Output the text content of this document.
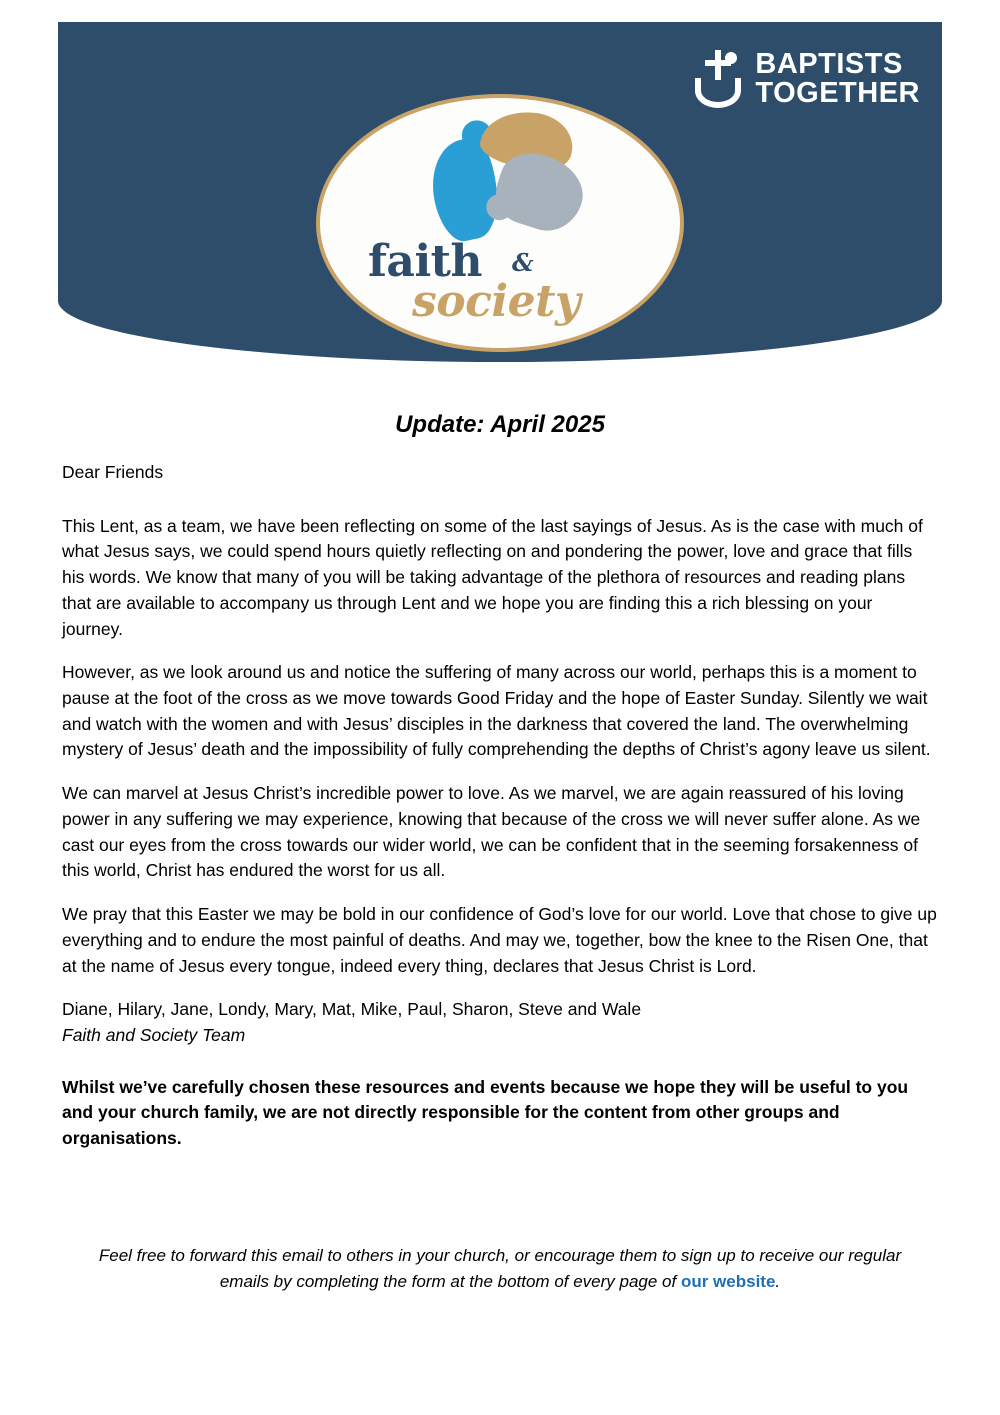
BAPTISTS
TOGETHER
faith &
society
Update: April 2025

Dear Friends

This Lent, as a team, we have been reflecting on some of the last sayings of Jesus. As is the case with much of what Jesus says, we could spend hours quietly reflecting on and pondering the power, love and grace that fills his words. We know that many of you will be taking advantage of the plethora of resources and reading plans that are available to accompany us through Lent and we hope you are finding this a rich blessing on your journey.

However, as we look around us and notice the suffering of many across our world, perhaps this is a moment to pause at the foot of the cross as we move towards Good Friday and the hope of Easter Sunday. Silently we wait and watch with the women and with Jesus’ disciples in the darkness that covered the land. The overwhelming mystery of Jesus’ death and the impossibility of fully comprehending the depths of Christ’s agony leave us silent.

We can marvel at Jesus Christ’s incredible power to love. As we marvel, we are again reassured of his loving power in any suffering we may experience, knowing that because of the cross we will never suffer alone. As we cast our eyes from the cross towards our wider world, we can be confident that in the seeming forsakenness of this world, Christ has endured the worst for us all.

We pray that this Easter we may be bold in our confidence of God’s love for our world. Love that chose to give up everything and to endure the most painful of deaths. And may we, together, bow the knee to the Risen One, that at the name of Jesus every tongue, indeed every thing, declares that Jesus Christ is Lord.

Diane, Hilary, Jane, Londy, Mary, Mat, Mike, Paul, Sharon, Steve and Wale

Faith and Society Team

Whilst we’ve carefully chosen these resources and events because we hope they will be useful to you and your church family, we are not directly responsible for the content from other groups and organisations.

Feel free to forward this email to others in your church, or encourage them to sign up to receive our regular emails by completing the form at the bottom of every page of our website.
